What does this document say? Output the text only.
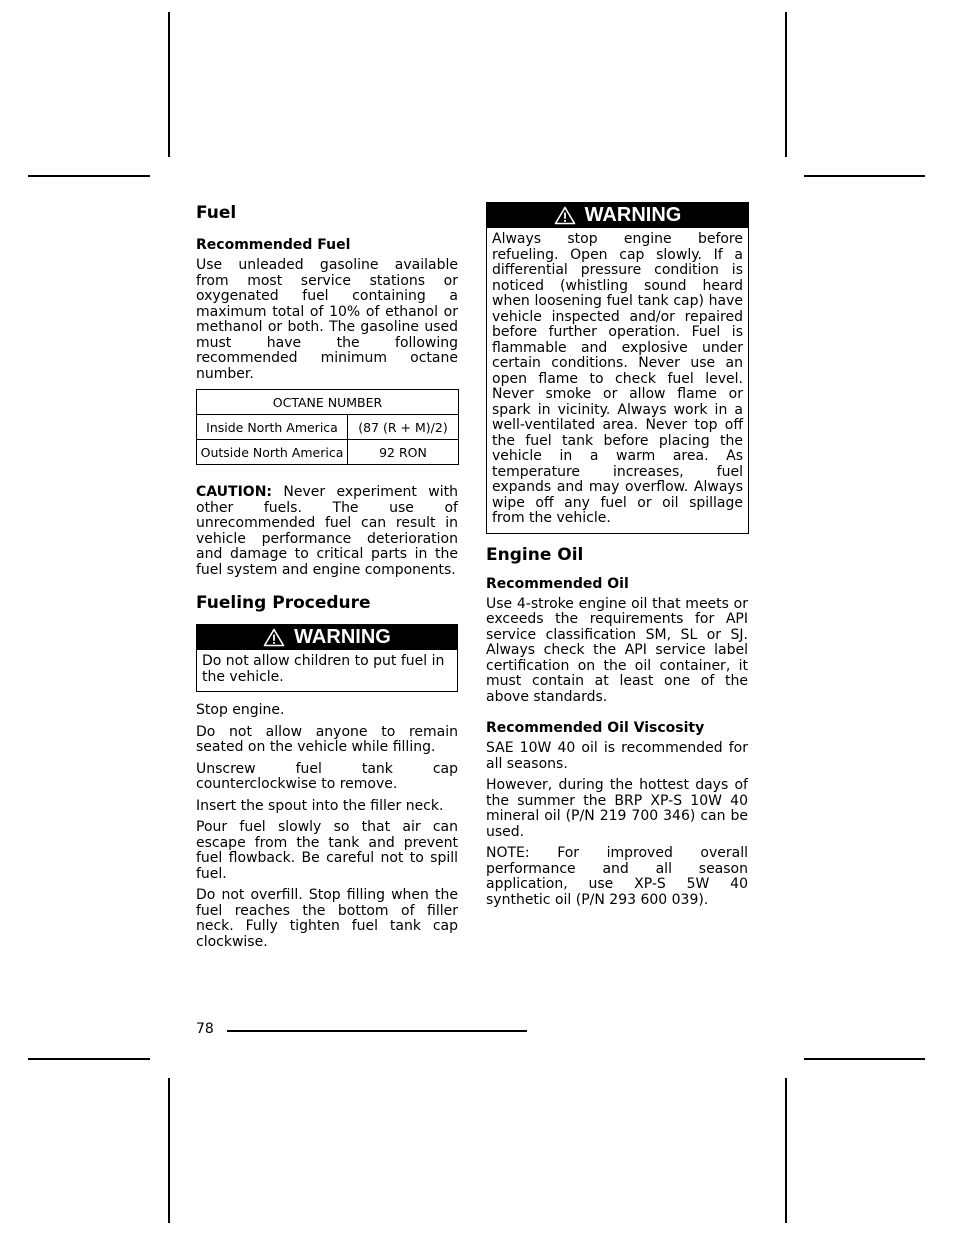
Fuel
Recommended Fuel

Use unleaded gasoline available from most service stations or oxygenated fuel containing a maximum total of 10% of ethanol or methanol or both. The gasoline used must have the following recommended minimum octane number.

OCTANE NUMBER	
Inside North America	(87 (R + M)/2)
Outside North America	92 RON

CAUTION: Never experiment with other fuels. The use of unrecommended fuel can result in vehicle performance deterioration and damage to critical parts in the fuel system and engine components.

Fueling Procedure
WARNING

Do not allow children to put fuel in the vehicle.

Stop engine.

Do not allow anyone to remain seated on the vehicle while filling.

Unscrew fuel tank cap counterclockwise to remove.

Insert the spout into the filler neck.

Pour fuel slowly so that air can escape from the tank and prevent fuel flowback. Be careful not to spill fuel.

Do not overfill. Stop filling when the fuel reaches the bottom of filler neck. Fully tighten fuel tank cap clockwise.

WARNING

Always stop engine before refueling. Open cap slowly. If a differential pressure condition is noticed (whistling sound heard when loosening fuel tank cap) have vehicle inspected and/or repaired before further operation. Fuel is flammable and explosive under certain conditions. Never use an open flame to check fuel level. Never smoke or allow flame or spark in vicinity. Always work in a well-ventilated area. Never top off the fuel tank before placing the vehicle in a warm area. As temperature increases, fuel expands and may overflow. Always wipe off any fuel or oil spillage from the vehicle.

Engine Oil
Recommended Oil

Use 4-stroke engine oil that meets or exceeds the requirements for API service classification SM, SL or SJ. Always check the API service label certification on the oil container, it must contain at least one of the above standards.

Recommended Oil Viscosity

SAE 10W 40 oil is recommended for all seasons.

However, during the hottest days of the summer the BRP XP-S 10W 40 mineral oil (P/N 219 700 346) can be used.

NOTE: For improved overall performance and all season application, use XP-S 5W 40 synthetic oil (P/N 293 600 039).

78
